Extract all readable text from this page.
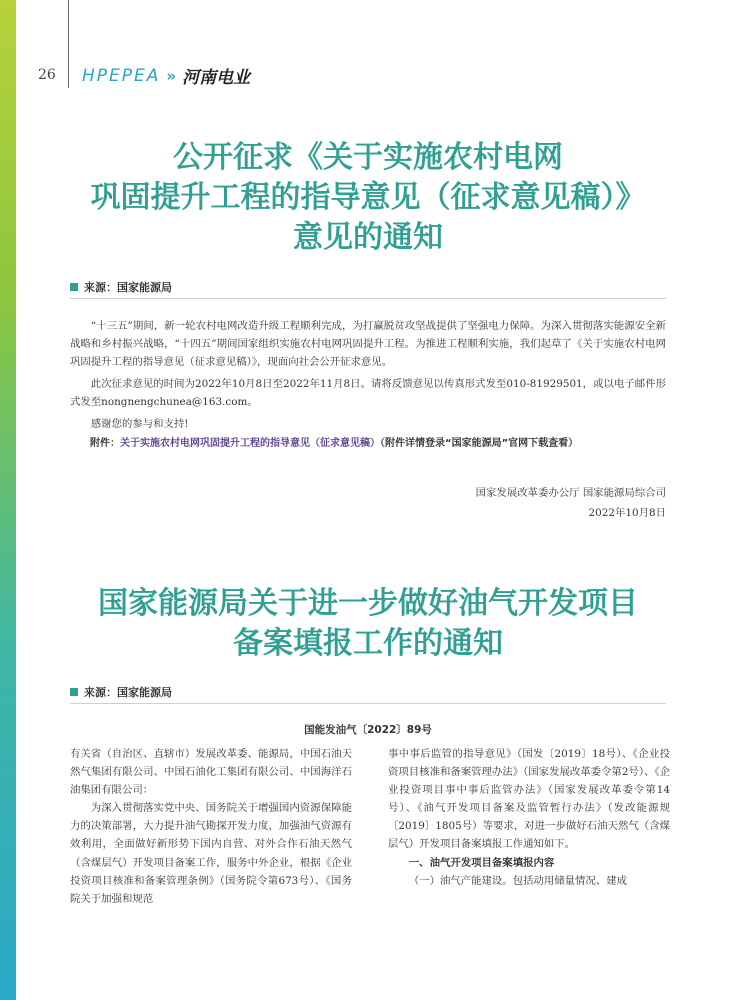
26 HPEPEA » 河南电业
公开征求《关于实施农村电网
巩固提升工程的指导意见（征求意见稿）》
意见的通知
来源：国家能源局

“十三五”期间，新一轮农村电网改造升级工程顺利完成，为打赢脱贫攻坚战提供了坚强电力保障。为深入贯彻落实能源安全新战略和乡村振兴战略，“十四五”期间国家组织实施农村电网巩固提升工程。为推进工程顺利实施，我们起草了《关于实施农村电网巩固提升工程的指导意见（征求意见稿）》，现面向社会公开征求意见。

此次征求意见的时间为2022年10月8日至2022年11月8日。请将反馈意见以传真形式发至010-81929501，或以电子邮件形式发至nongnengchunea@163.com。

感谢您的参与和支持!

附件：关于实施农村电网巩固提升工程的指导意见（征求意见稿）（附件详情登录“国家能源局”官网下载查看）

国家发展改革委办公厅 国家能源局综合司
2022年10月8日
国家能源局关于进一步做好油气开发项目
备案填报工作的通知
来源：国家能源局
国能发油气〔2022〕89号

有关省（自治区、直辖市）发展改革委、能源局，中国石油天然气集团有限公司、中国石油化工集团有限公司、中国海洋石油集团有限公司：

为深入贯彻落实党中央、国务院关于增强国内资源保障能力的决策部署，大力提升油气勘探开发力度，加强油气资源有效利用，全面做好新形势下国内自营、对外合作石油天然气（含煤层气）开发项目备案工作，服务中外企业，根据《企业投资项目核准和备案管理条例》（国务院令第673号）、《国务院关于加强和规范

事中事后监管的指导意见》（国发〔2019〕18号）、《企业投资项目核准和备案管理办法》（国家发展改革委令第2号）、《企业投资项目事中事后监管办法》（国家发展改革委令第14号）、《油气开发项目备案及监管暂行办法》（发改能源规〔2019〕1805号）等要求，对进一步做好石油天然气（含煤层气）开发项目备案填报工作通知如下。

一、油气开发项目备案填报内容

（一）油气产能建设。包括动用储量情况、建成
